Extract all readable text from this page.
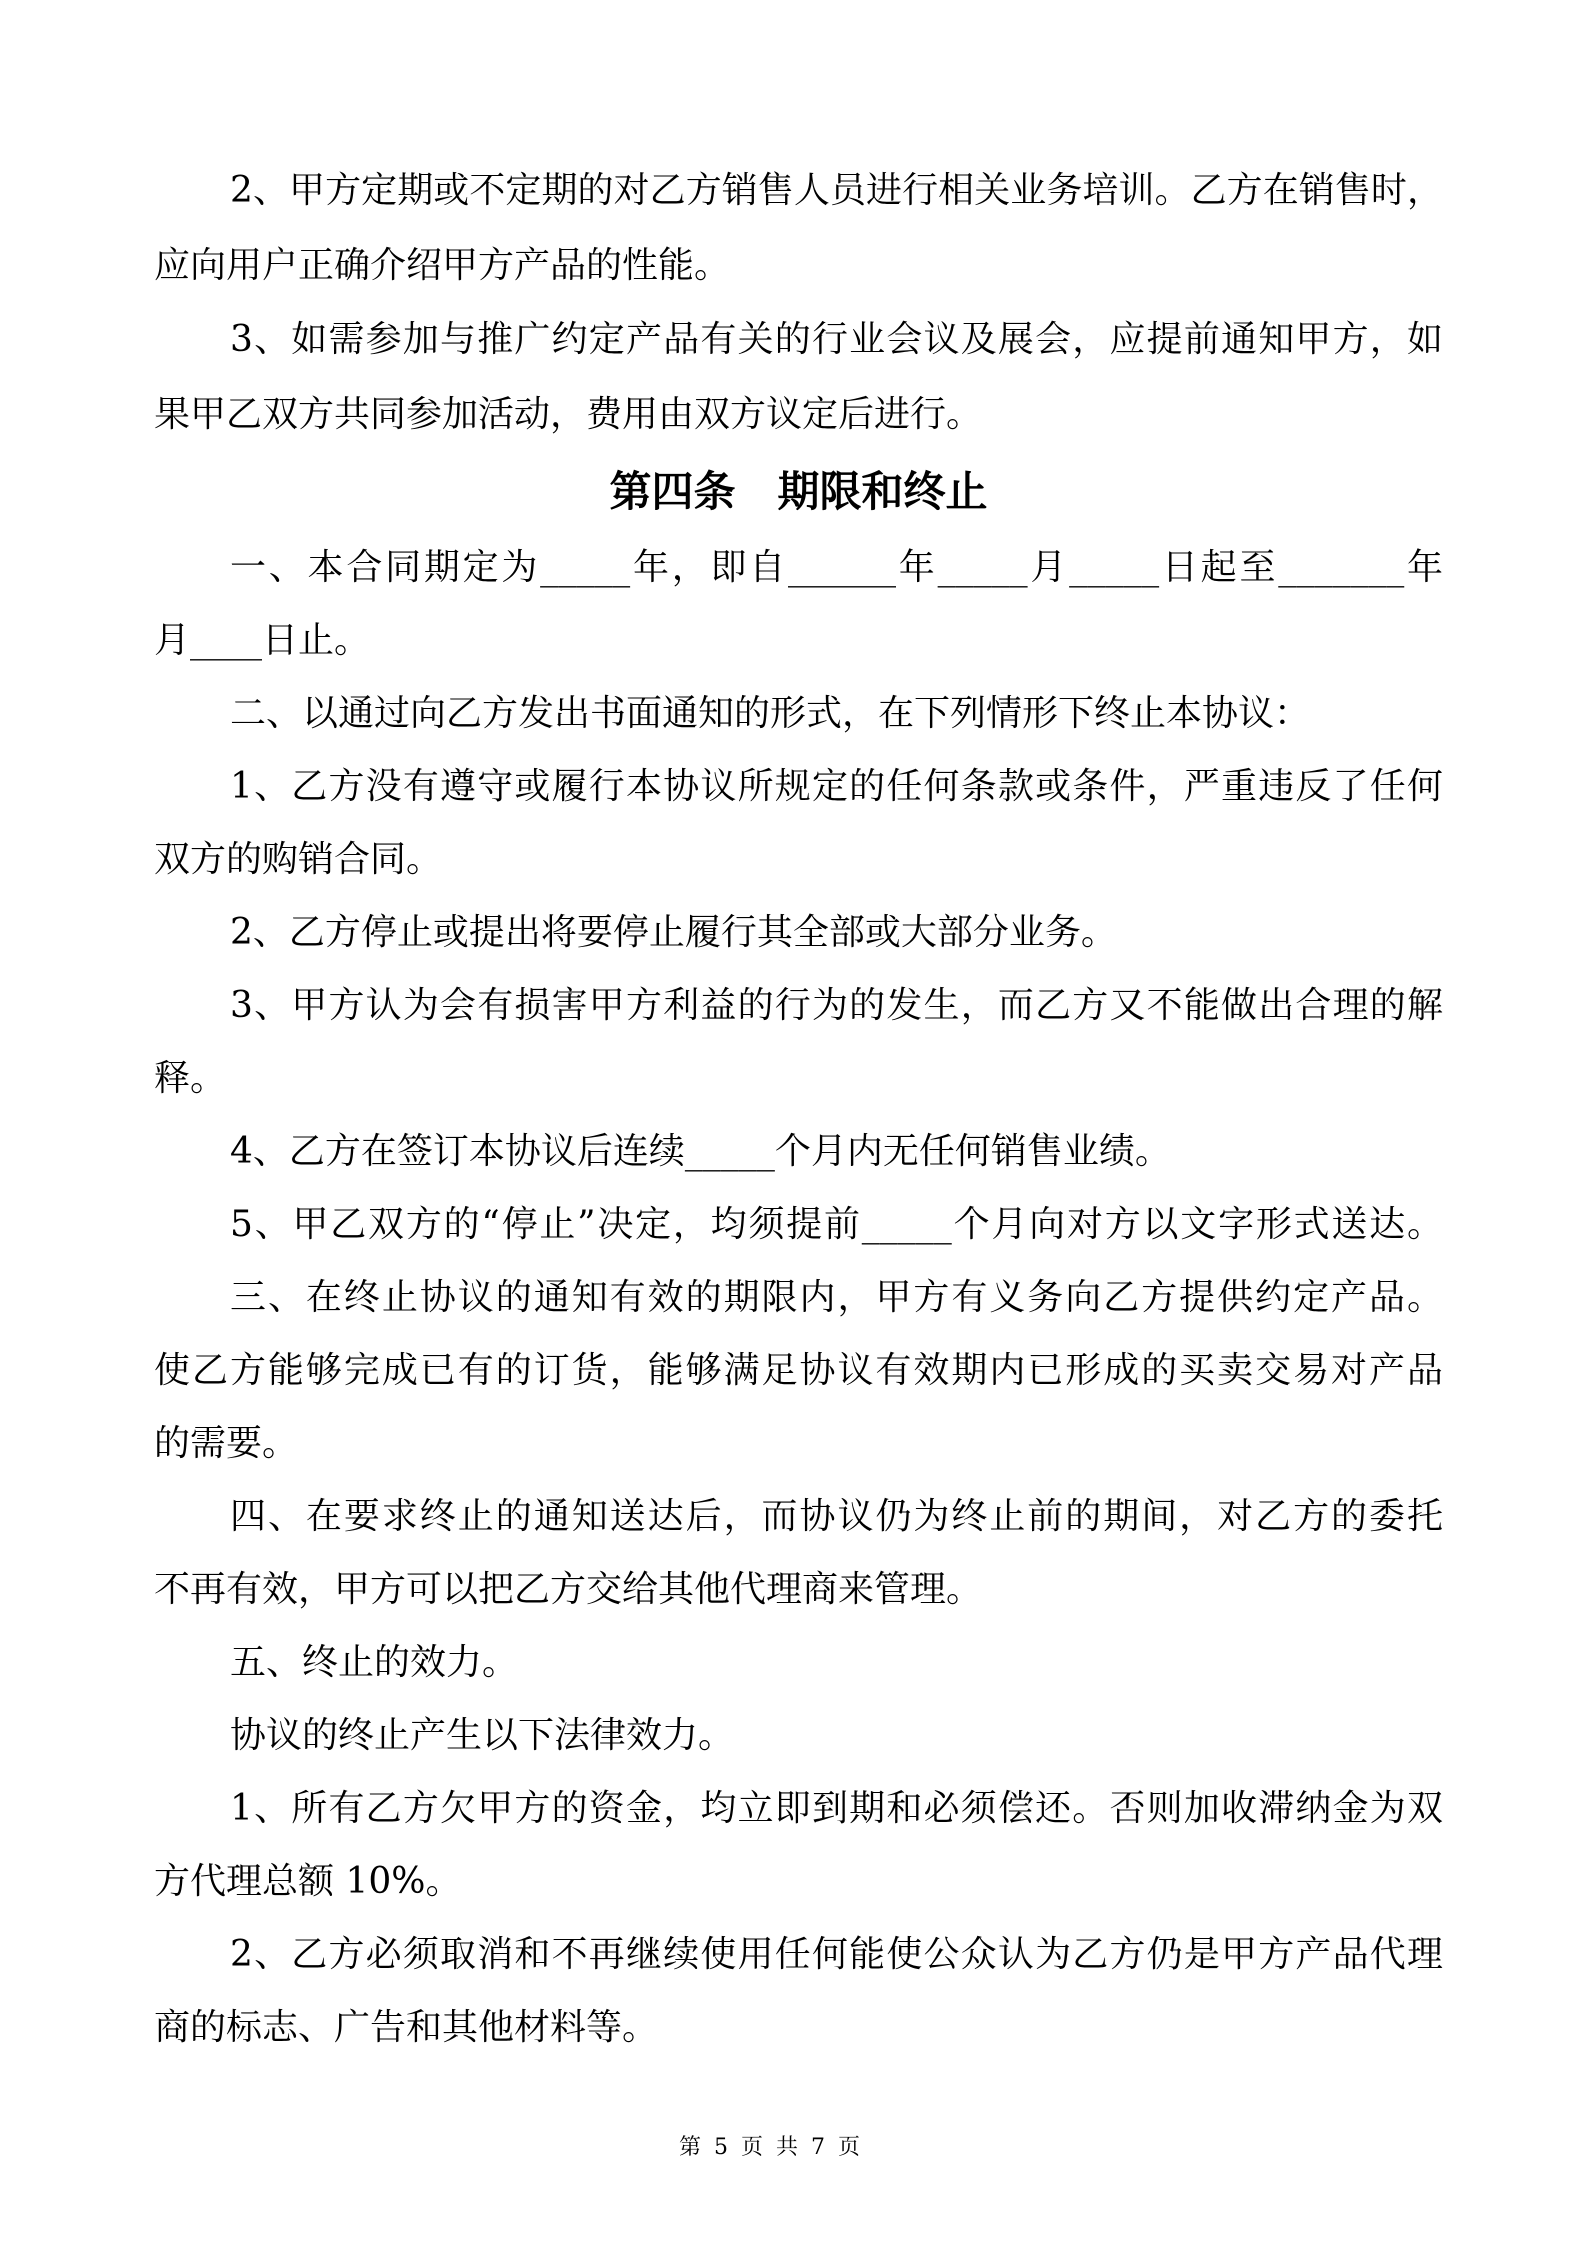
2、甲方定期或不定期的对乙方销售人员进行相关业务培训。乙方在销售时，
应向用户正确介绍甲方产品的性能。
3、如需参加与推广约定产品有关的行业会议及展会，应提前通知甲方，如
果甲乙双方共同参加活动，费用由双方议定后进行。
第四条　期限和终止
一、本合同期定为_____年，即自______年_____月_____日起至_______年
月____日止。
二、以通过向乙方发出书面通知的形式，在下列情形下终止本协议：
1、乙方没有遵守或履行本协议所规定的任何条款或条件，严重违反了任何
双方的购销合同。
2、乙方停止或提出将要停止履行其全部或大部分业务。
3、甲方认为会有损害甲方利益的行为的发生，而乙方又不能做出合理的解
释。
4、乙方在签订本协议后连续_____个月内无任何销售业绩。
5、甲乙双方的“停止”决定，均须提前_____个月向对方以文字形式送达。
三、在终止协议的通知有效的期限内，甲方有义务向乙方提供约定产品。
使乙方能够完成已有的订货，能够满足协议有效期内已形成的买卖交易对产品
的需要。
四、在要求终止的通知送达后，而协议仍为终止前的期间，对乙方的委托
不再有效，甲方可以把乙方交给其他代理商来管理。
五、终止的效力。
协议的终止产生以下法律效力。
1、所有乙方欠甲方的资金，均立即到期和必须偿还。否则加收滞纳金为双
方代理总额 10%。
2、乙方必须取消和不再继续使用任何能使公众认为乙方仍是甲方产品代理
商的标志、广告和其他材料等。
第 5 页 共 7 页
